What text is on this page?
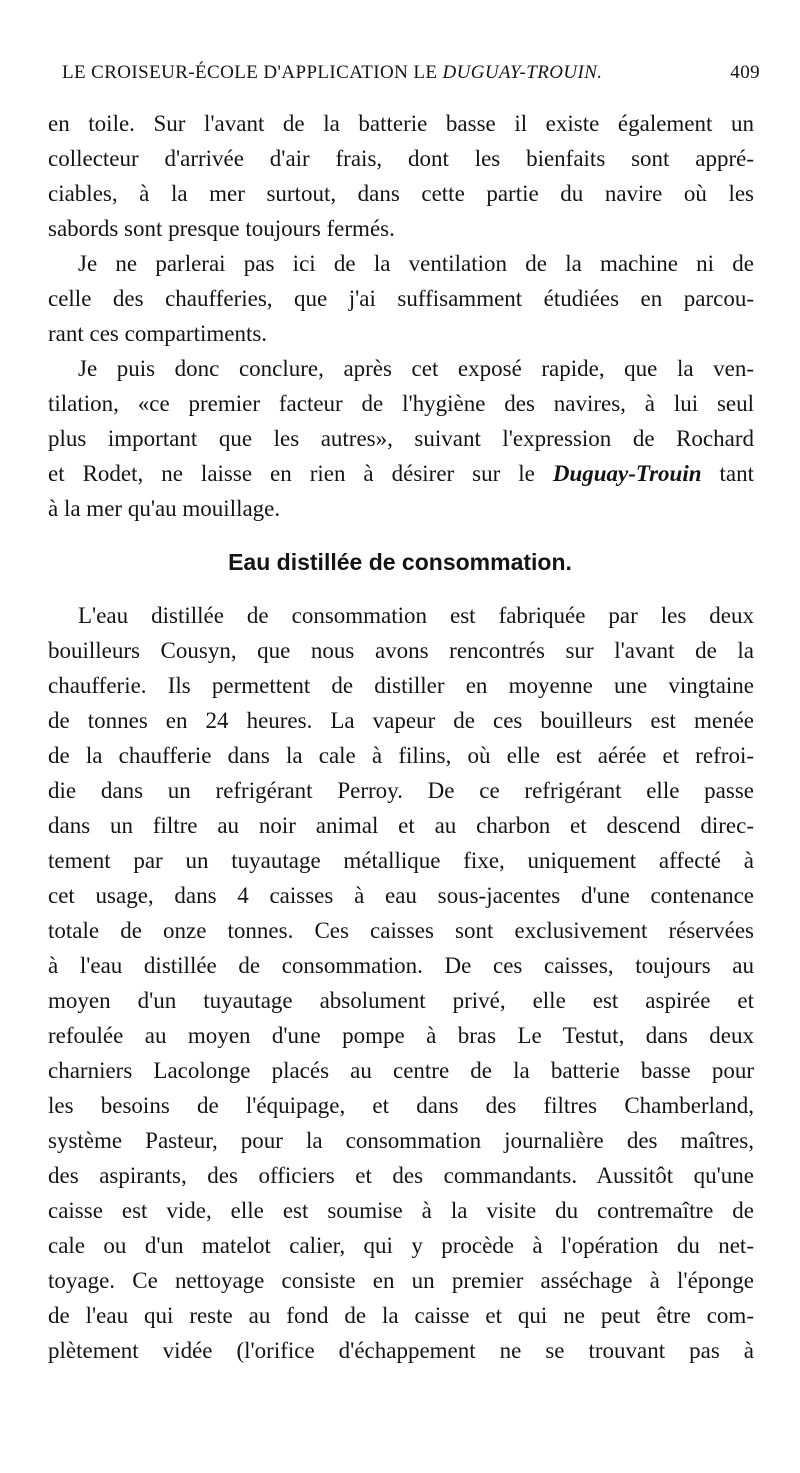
LE CROISEUR-ÉCOLE D'APPLICATION LE DUGUAY-TROUIN.	409
en toile. Sur l'avant de la batterie basse il existe également un
collecteur d'arrivée d'air frais, dont les bienfaits sont appré-
ciables, à la mer surtout, dans cette partie du navire où les
sabords sont presque toujours fermés.
Je ne parlerai pas ici de la ventilation de la machine ni de
celle des chaufferies, que j'ai suffisamment étudiées en parcou-
rant ces compartiments.
Je puis donc conclure, après cet exposé rapide, que la ven-
tilation, «ce premier facteur de l'hygiène des navires, à lui seul
plus important que les autres», suivant l'expression de Rochard
et Rodet, ne laisse en rien à désirer sur le Duguay-Trouin tant
à la mer qu'au mouillage.
Eau distillée de consommation.
L'eau distillée de consommation est fabriquée par les deux
bouilleurs Cousyn, que nous avons rencontrés sur l'avant de la
chaufferie. Ils permettent de distiller en moyenne une vingtaine
de tonnes en 24 heures. La vapeur de ces bouilleurs est menée
de la chaufferie dans la cale à filins, où elle est aérée et refroi-
die dans un refrigérant Perroy. De ce refrigérant elle passe
dans un filtre au noir animal et au charbon et descend direc-
tement par un tuyautage métallique fixe, uniquement affecté à
cet usage, dans 4 caisses à eau sous-jacentes d'une contenance
totale de onze tonnes. Ces caisses sont exclusivement réservées
à l'eau distillée de consommation. De ces caisses, toujours au
moyen d'un tuyautage absolument privé, elle est aspirée et
refoulée au moyen d'une pompe à bras Le Testut, dans deux
charniers Lacolonge placés au centre de la batterie basse pour
les besoins de l'équipage, et dans des filtres Chamberland,
système Pasteur, pour la consommation journalière des maîtres,
des aspirants, des officiers et des commandants. Aussitôt qu'une
caisse est vide, elle est soumise à la visite du contremaître de
cale ou d'un matelot calier, qui y procède à l'opération du net-
toyage. Ce nettoyage consiste en un premier asséchage à l'éponge
de l'eau qui reste au fond de la caisse et qui ne peut être com-
plètement vidée (l'orifice d'échappement ne se trouvant pas à
